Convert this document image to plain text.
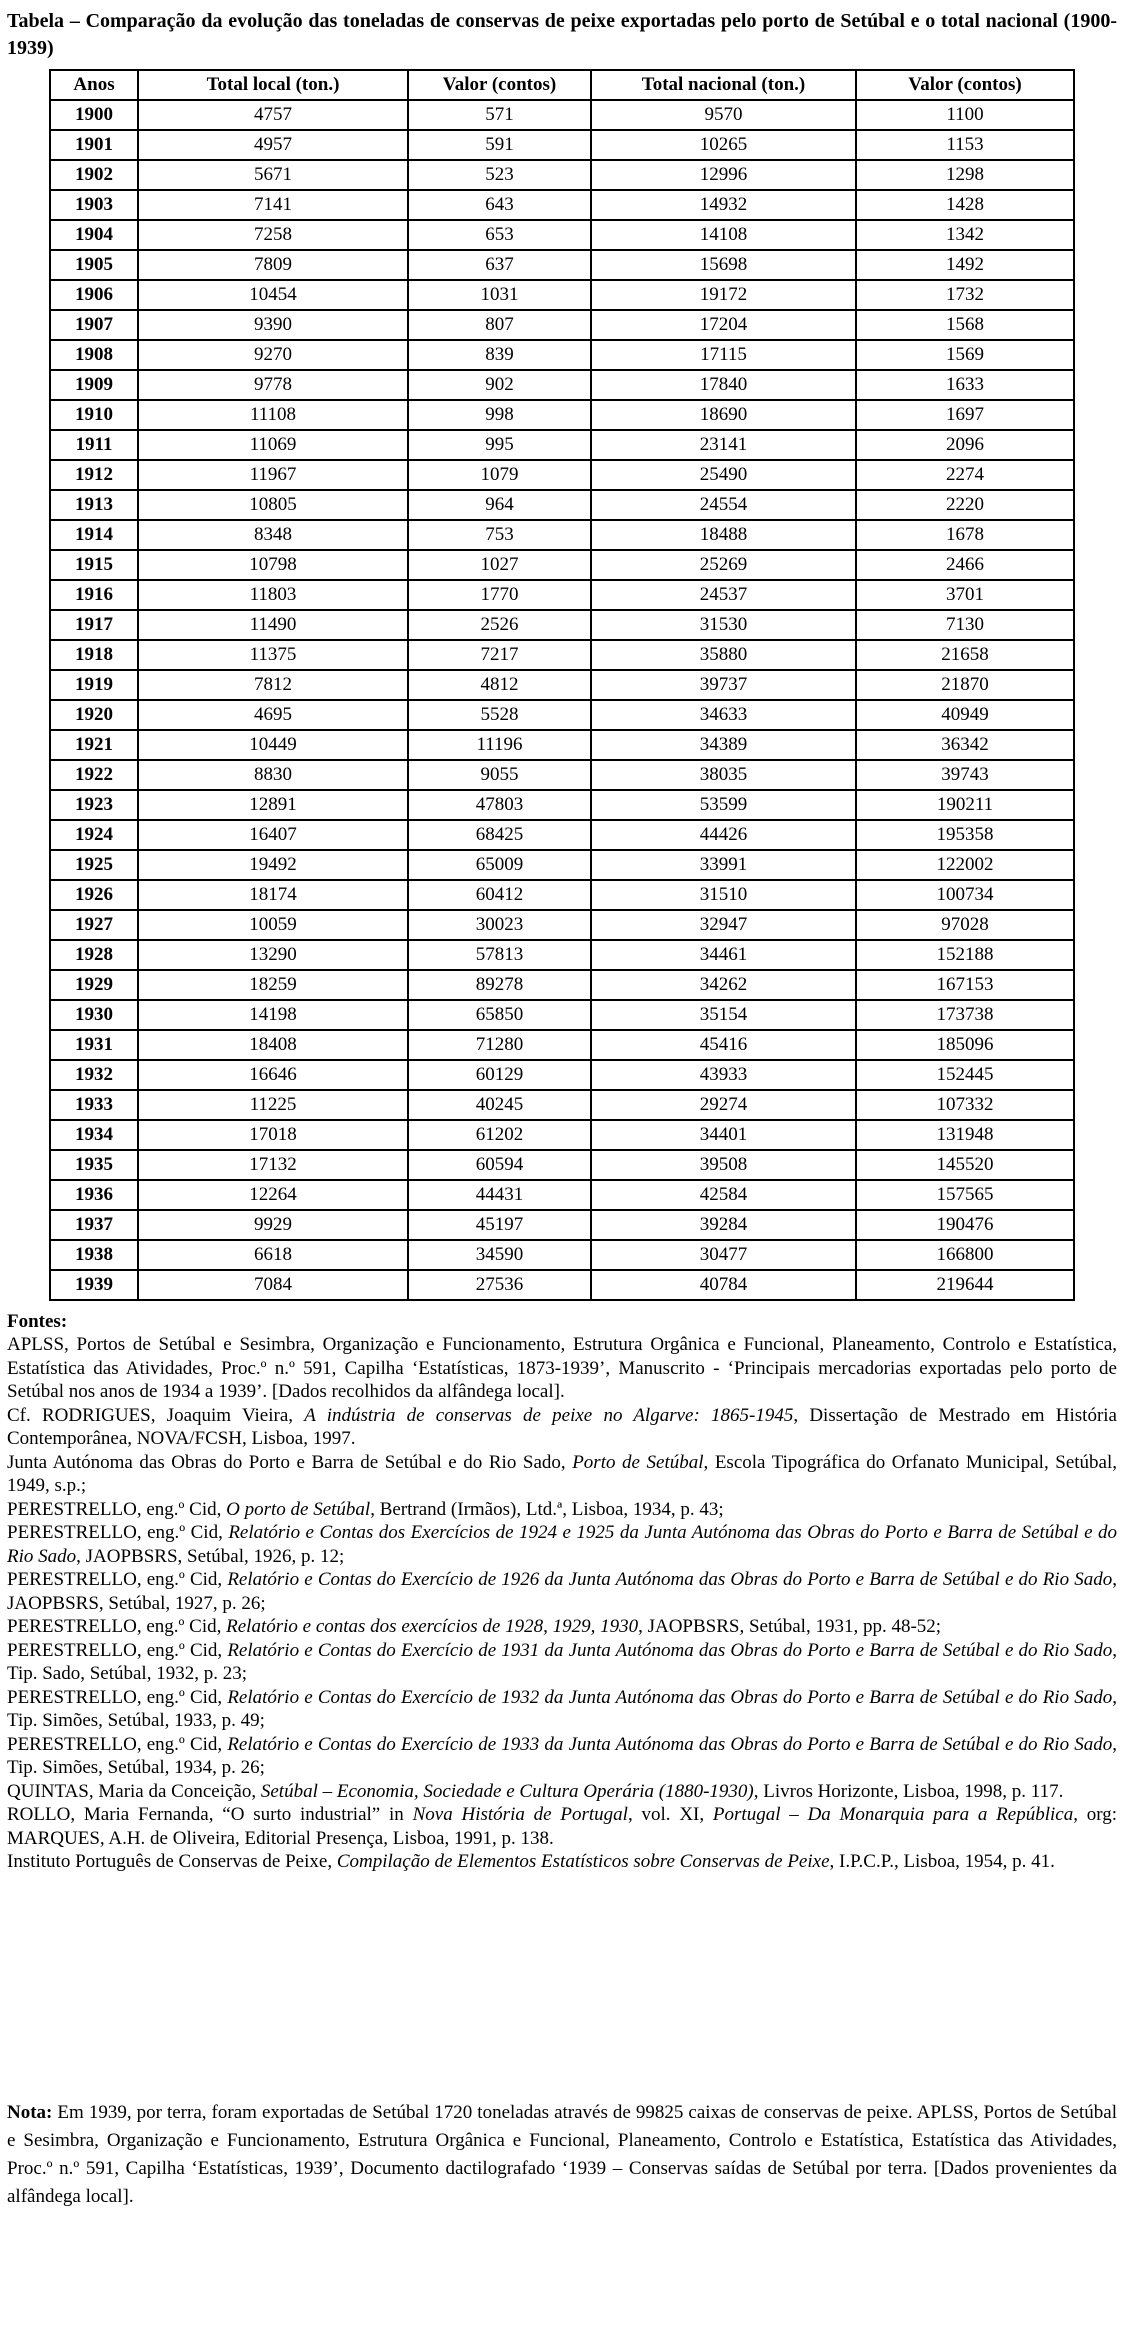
Tabela – Comparação da evolução das toneladas de conservas de peixe exportadas pelo porto de Setúbal e o total nacional (1900-1939)

Anos	Total local (ton.)	Valor (contos)	Total nacional (ton.)	Valor (contos)
1900	4757	571	9570	1100
1901	4957	591	10265	1153
1902	5671	523	12996	1298
1903	7141	643	14932	1428
1904	7258	653	14108	1342
1905	7809	637	15698	1492
1906	10454	1031	19172	1732
1907	9390	807	17204	1568
1908	9270	839	17115	1569
1909	9778	902	17840	1633
1910	11108	998	18690	1697
1911	11069	995	23141	2096
1912	11967	1079	25490	2274
1913	10805	964	24554	2220
1914	8348	753	18488	1678
1915	10798	1027	25269	2466
1916	11803	1770	24537	3701
1917	11490	2526	31530	7130
1918	11375	7217	35880	21658
1919	7812	4812	39737	21870
1920	4695	5528	34633	40949
1921	10449	11196	34389	36342
1922	8830	9055	38035	39743
1923	12891	47803	53599	190211
1924	16407	68425	44426	195358
1925	19492	65009	33991	122002
1926	18174	60412	31510	100734
1927	10059	30023	32947	97028
1928	13290	57813	34461	152188
1929	18259	89278	34262	167153
1930	14198	65850	35154	173738
1931	18408	71280	45416	185096
1932	16646	60129	43933	152445
1933	11225	40245	29274	107332
1934	17018	61202	34401	131948
1935	17132	60594	39508	145520
1936	12264	44431	42584	157565
1937	9929	45197	39284	190476
1938	6618	34590	30477	166800
1939	7084	27536	40784	219644

Fontes:

APLSS, Portos de Setúbal e Sesimbra, Organização e Funcionamento, Estrutura Orgânica e Funcional, Planeamento, Controlo e Estatística, Estatística das Atividades, Proc.º n.º 591, Capilha ‘Estatísticas, 1873-1939’, Manuscrito - ‘Principais mercadorias exportadas pelo porto de Setúbal nos anos de 1934 a 1939’. [Dados recolhidos da alfândega local].

Cf. RODRIGUES, Joaquim Vieira, A indústria de conservas de peixe no Algarve: 1865-1945, Dissertação de Mestrado em História Contemporânea, NOVA/FCSH, Lisboa, 1997.

Junta Autónoma das Obras do Porto e Barra de Setúbal e do Rio Sado, Porto de Setúbal, Escola Tipográfica do Orfanato Municipal, Setúbal, 1949, s.p.;

PERESTRELLO, eng.º Cid, O porto de Setúbal, Bertrand (Irmãos), Ltd.ª, Lisboa, 1934, p. 43;

PERESTRELLO, eng.º Cid, Relatório e Contas dos Exercícios de 1924 e 1925 da Junta Autónoma das Obras do Porto e Barra de Setúbal e do Rio Sado, JAOPBSRS, Setúbal, 1926, p. 12;

PERESTRELLO, eng.º Cid, Relatório e Contas do Exercício de 1926 da Junta Autónoma das Obras do Porto e Barra de Setúbal e do Rio Sado, JAOPBSRS, Setúbal, 1927, p. 26;

PERESTRELLO, eng.º Cid, Relatório e contas dos exercícios de 1928, 1929, 1930, JAOPBSRS, Setúbal, 1931, pp. 48-52;

PERESTRELLO, eng.º Cid, Relatório e Contas do Exercício de 1931 da Junta Autónoma das Obras do Porto e Barra de Setúbal e do Rio Sado, Tip. Sado, Setúbal, 1932, p. 23;

PERESTRELLO, eng.º Cid, Relatório e Contas do Exercício de 1932 da Junta Autónoma das Obras do Porto e Barra de Setúbal e do Rio Sado, Tip. Simões, Setúbal, 1933, p. 49;

PERESTRELLO, eng.º Cid, Relatório e Contas do Exercício de 1933 da Junta Autónoma das Obras do Porto e Barra de Setúbal e do Rio Sado, Tip. Simões, Setúbal, 1934, p. 26;

QUINTAS, Maria da Conceição, Setúbal – Economia, Sociedade e Cultura Operária (1880-1930), Livros Horizonte, Lisboa, 1998, p. 117.

ROLLO, Maria Fernanda, “O surto industrial” in Nova História de Portugal, vol. XI, Portugal – Da Monarquia para a República, org: MARQUES, A.H. de Oliveira, Editorial Presença, Lisboa, 1991, p. 138.

Instituto Português de Conservas de Peixe, Compilação de Elementos Estatísticos sobre Conservas de Peixe, I.P.C.P., Lisboa, 1954, p. 41.

Nota: Em 1939, por terra, foram exportadas de Setúbal 1720 toneladas através de 99825 caixas de conservas de peixe. APLSS, Portos de Setúbal e Sesimbra, Organização e Funcionamento, Estrutura Orgânica e Funcional, Planeamento, Controlo e Estatística, Estatística das Atividades, Proc.º n.º 591, Capilha ‘Estatísticas, 1939’, Documento dactilografado ‘1939 – Conservas saídas de Setúbal por terra. [Dados provenientes da alfândega local].
